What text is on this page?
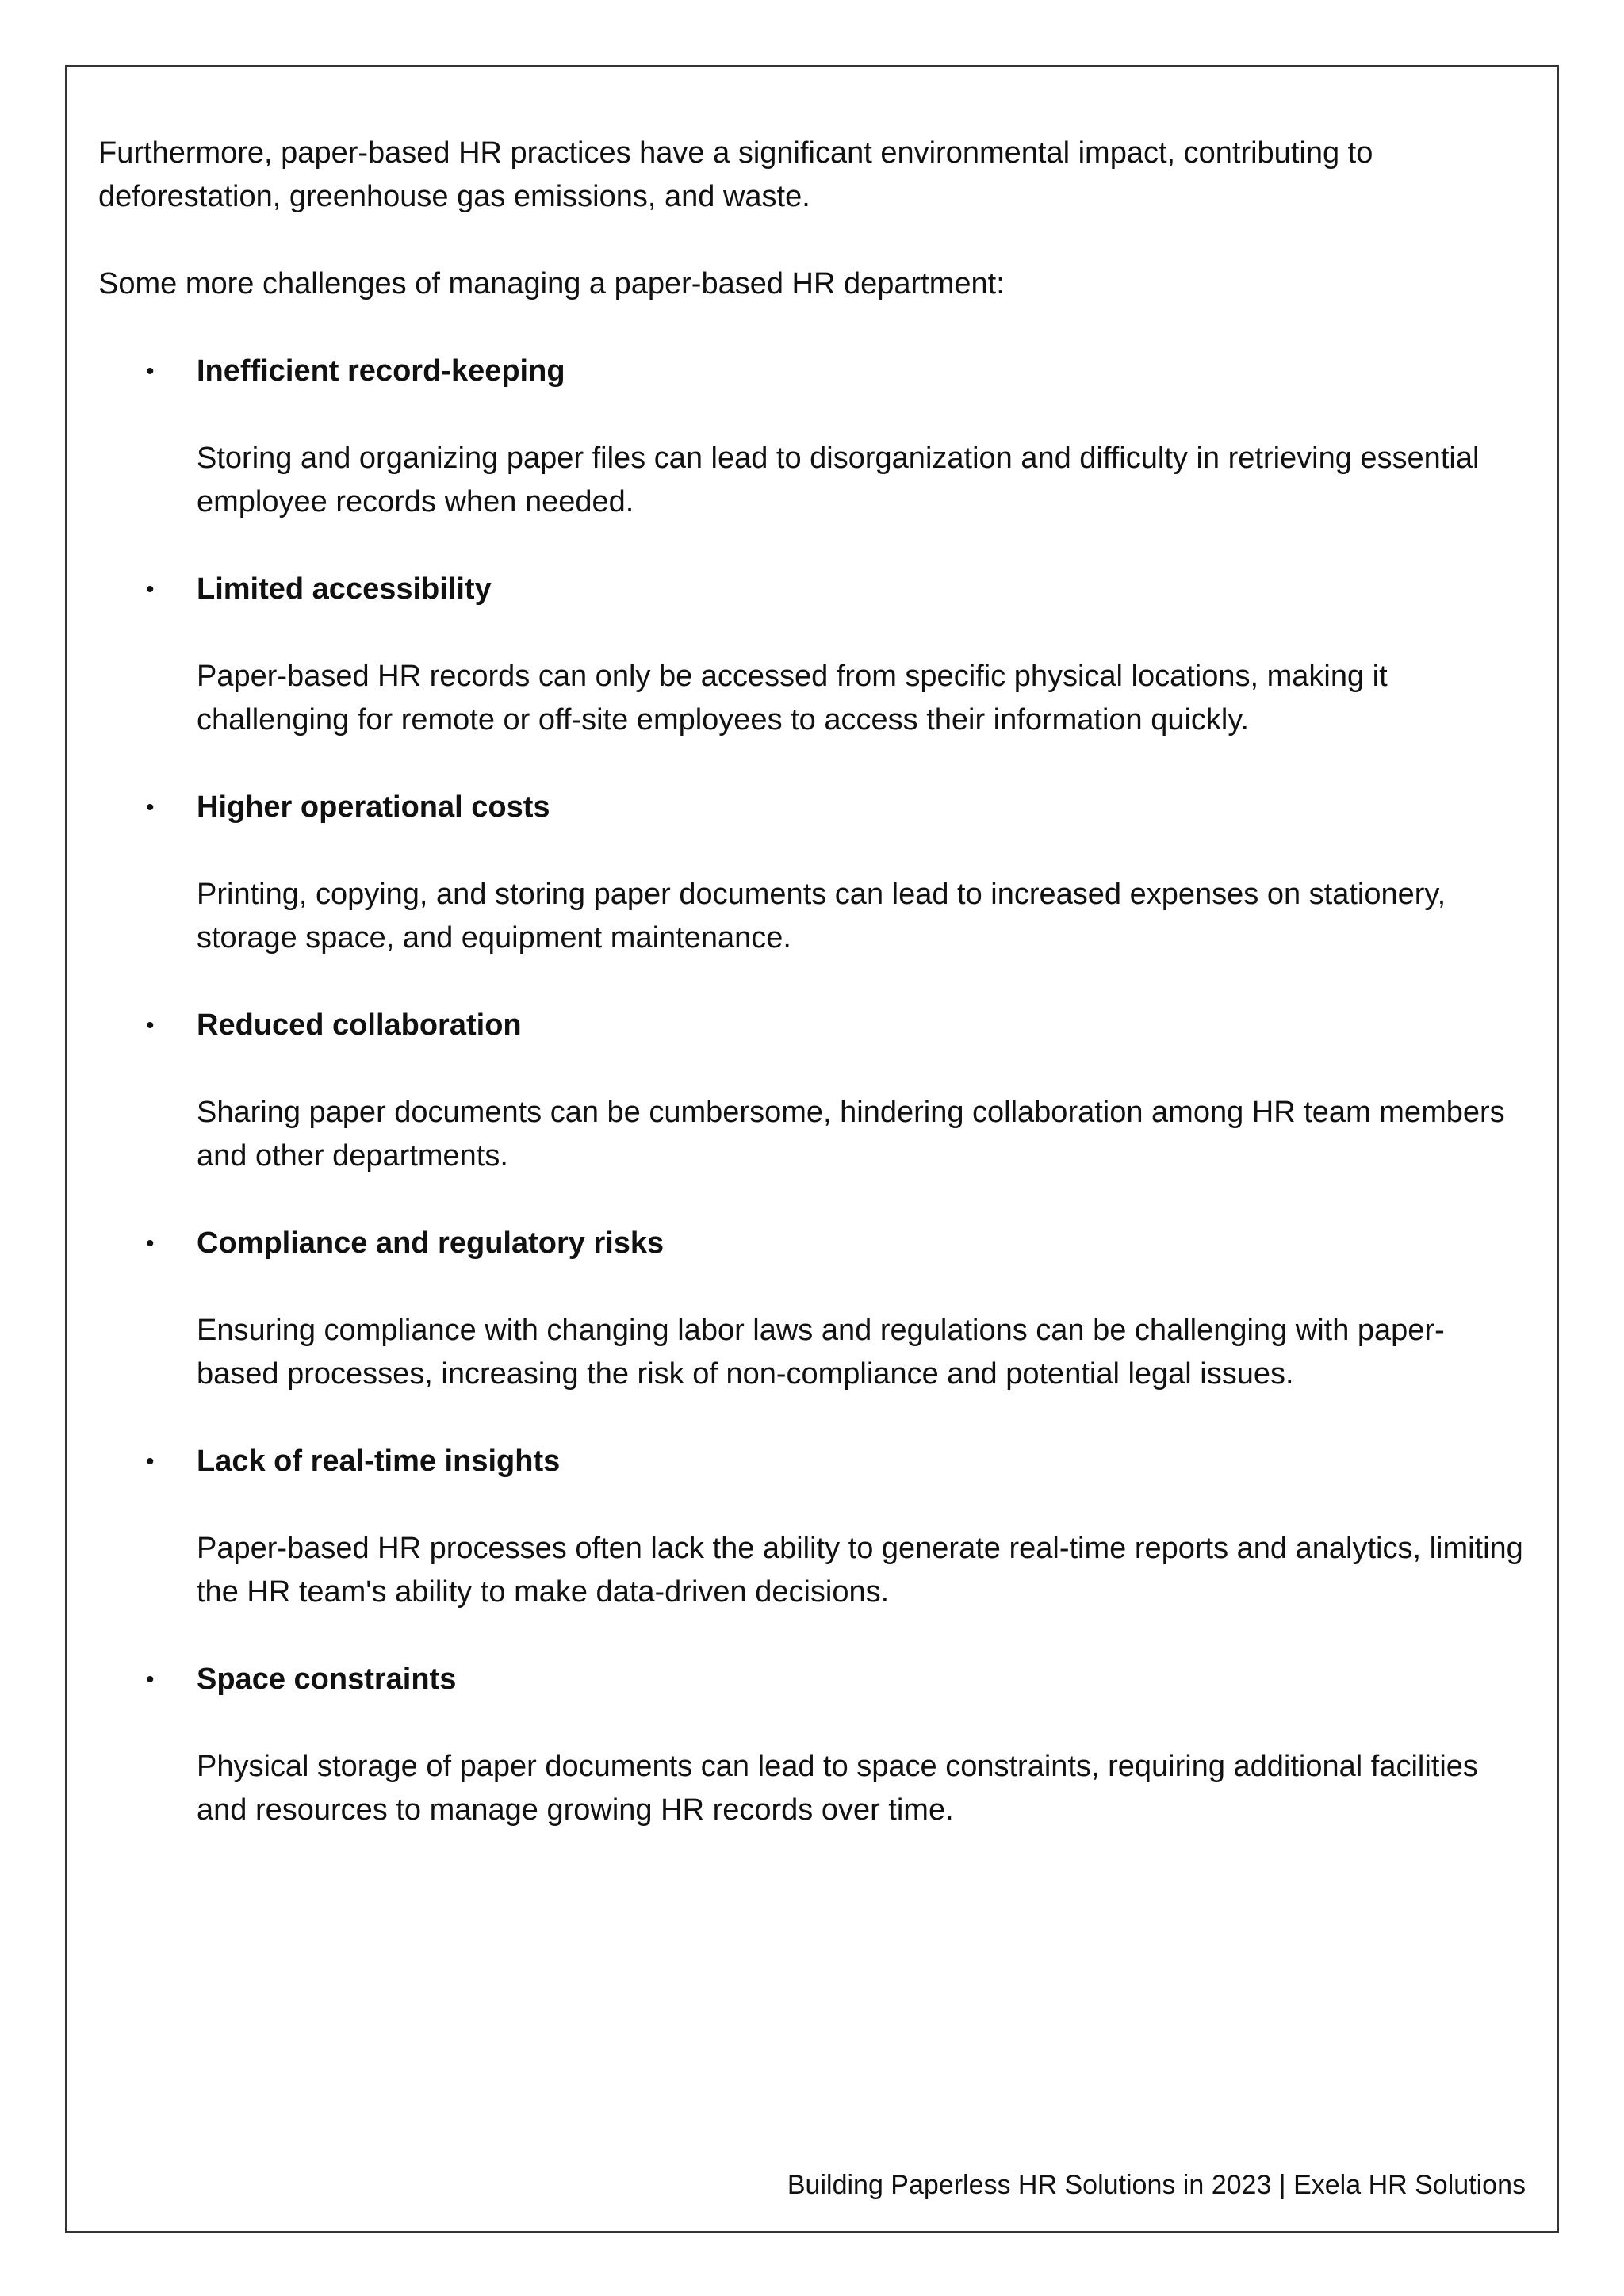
Furthermore, paper-based HR practices have a significant environmental impact, contributing to deforestation, greenhouse gas emissions, and waste.

Some more challenges of managing a paper-based HR department:

• Inefficient record-keeping

Storing and organizing paper files can lead to disorganization and difficulty in retrieving essential employee records when needed.

• Limited accessibility

Paper-based HR records can only be accessed from specific physical locations, making it challenging for remote or off-site employees to access their information quickly.

• Higher operational costs

Printing, copying, and storing paper documents can lead to increased expenses on stationery, storage space, and equipment maintenance.

• Reduced collaboration

Sharing paper documents can be cumbersome, hindering collaboration among HR team members and other departments.

• Compliance and regulatory risks

Ensuring compliance with changing labor laws and regulations can be challenging with paper-based processes, increasing the risk of non-compliance and potential legal issues.

• Lack of real-time insights

Paper-based HR processes often lack the ability to generate real-time reports and analytics, limiting the HR team's ability to make data-driven decisions.

• Space constraints

Physical storage of paper documents can lead to space constraints, requiring additional facilities and resources to manage growing HR records over time.

Building Paperless HR Solutions in 2023 | Exela HR Solutions
